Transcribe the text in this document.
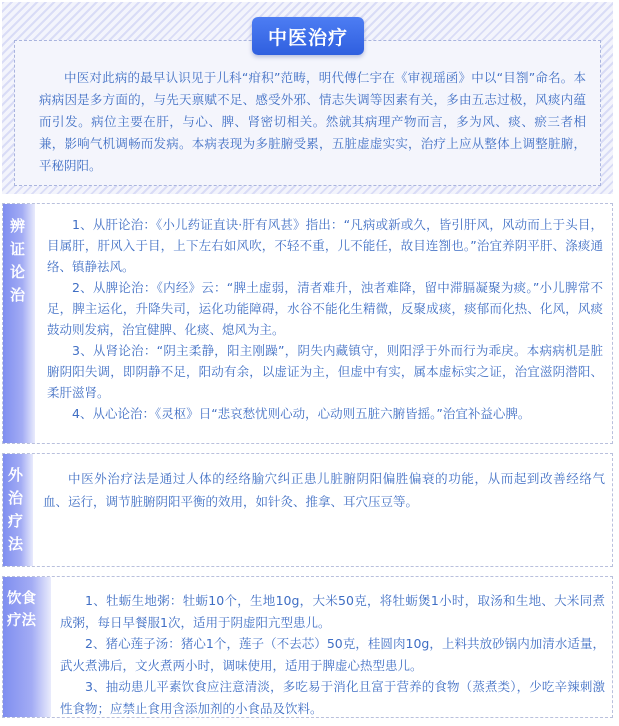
中医对此病的最早认识见于儿科“疳积”范畴，明代傅仁宇在《审视瑶函》中以“目劄”命名。本病病因是多方面的，与先天禀赋不足、感受外邪、情志失调等因素有关，多由五志过极，风痰内蕴而引发。病位主要在肝，与心、脾、肾密切相关。然就其病理产物而言，多为风、痰、瘀三者相兼，影响气机调畅而发病。本病表现为多脏腑受累，五脏虚虚实实，治疗上应从整体上调整脏腑，平秘阴阳。
中医治疗
辨证论治

1、从肝论治：《小儿药证直诀·肝有风甚》指出：“凡病或新或久，皆引肝风，风动而上于头目，目属肝，肝风入于目，上下左右如风吹，不轻不重，儿不能任，故目连劄也。”治宜养阴平肝、涤痰通络、镇静祛风。

2、从脾论治：《内经》云：“脾土虚弱，清者难升，浊者难降，留中滞膈凝聚为痰。”小儿脾常不足，脾主运化，升降失司，运化功能障碍，水谷不能化生精微，反聚成痰，痰郁而化热、化风，风痰鼓动则发病，治宜健脾、化痰、熄风为主。

3、从肾论治：“阴主柔静，阳主刚躁”，阴失内藏镇守，则阳浮于外而行为乖戾。本病病机是脏腑阴阳失调，即阴静不足，阳动有余，以虚证为主，但虚中有实，属本虚标实之证，治宜滋阴潜阳、柔肝滋肾。

4、从心论治：《灵枢》日“悲哀愁忧则心动，心动则五脏六腑皆摇。”治宜补益心脾。

外治疗法

中医外治疗法是通过人体的经络腧穴纠正患儿脏腑阴阳偏胜偏衰的功能，从而起到改善经络气血、运行，调节脏腑阴阳平衡的效用，如针灸、推拿、耳穴压豆等。

饮食疗法

1、牡蛎生地粥：牡蛎10个，生地10g，大米50克，将牡蛎煲1小时，取汤和生地、大米同煮成粥，每日早餐服1次，适用于阴虚阳亢型患儿。

2、猪心莲子汤：猪心1个，莲子（不去芯）50克，桂圆肉10g，上料共放砂锅内加清水适量，武火煮沸后，文火煮两小时，调味使用，适用于脾虚心热型患儿。

3、抽动患儿平素饮食应注意清淡，多吃易于消化且富于营养的食物（蒸煮类），少吃辛辣刺激性食物；应禁止食用含添加剂的小食品及饮料。
